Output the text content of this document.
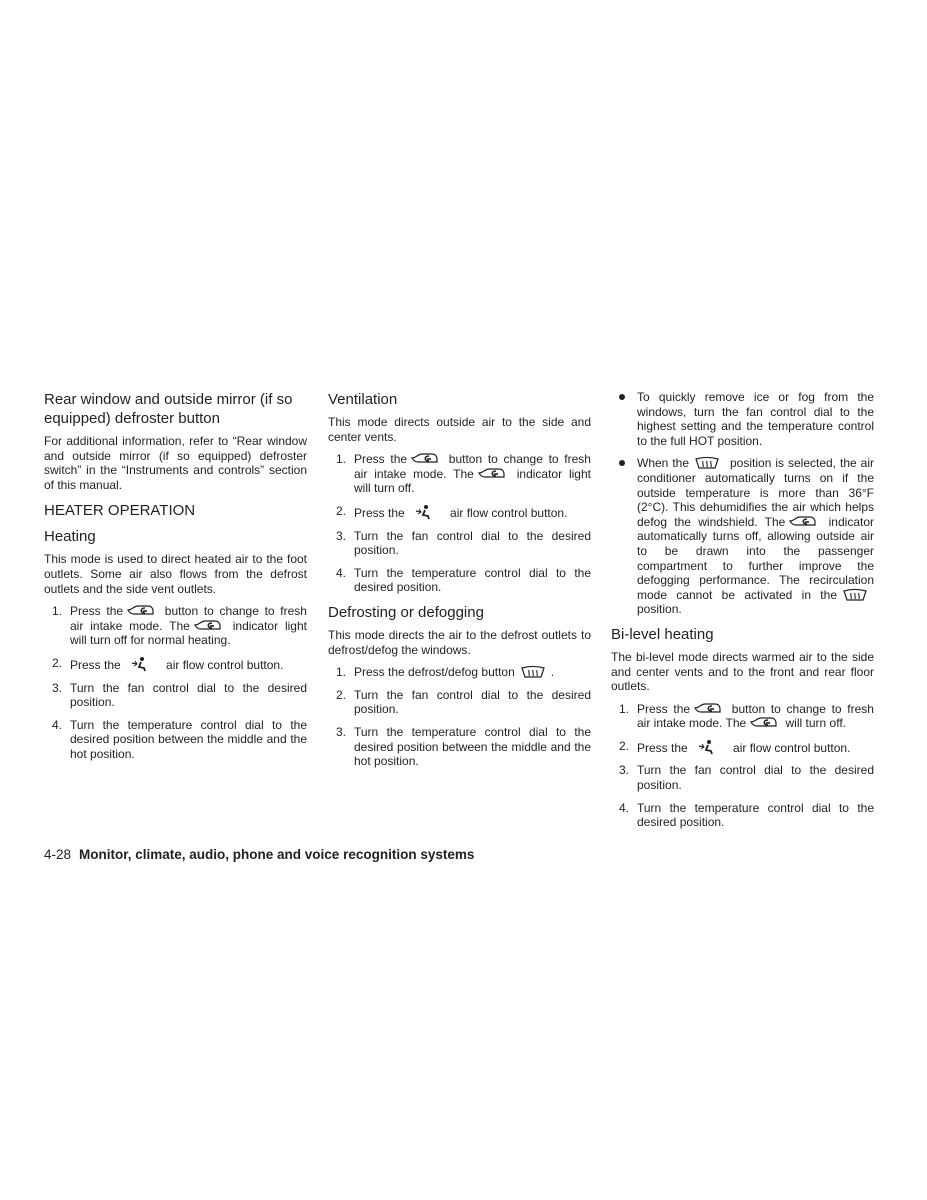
Rear window and outside mirror (if so equipped) defroster button

For additional information, refer to “Rear window and outside mirror (if so equipped) defroster switch” in the “Instruments and controls” section of this manual.

HEATER OPERATION
Heating

This mode is used to direct heated air to the foot outlets. Some air also flows from the defrost outlets and the side vent outlets.

1. Press the	button to change to fresh air intake mode. The	indicator light will turn off for normal heating.
2. Press the	air flow control button.
3. Turn the fan control dial to the desired position.
4. Turn the temperature control dial to the desired position between the middle and the hot position.
Ventilation

This mode directs outside air to the side and center vents.

1. Press the	button to change to fresh air intake mode. The	indicator light will turn off.
2. Press the	air flow control button.
3. Turn the fan control dial to the desired position.
4. Turn the temperature control dial to the desired position.
Defrosting or defogging

This mode directs the air to the defrost outlets to defrost/defog the windows.

1. Press the defrost/defog button	.
2. Turn the fan control dial to the desired position.
3. Turn the temperature control dial to the desired position between the middle and the hot position.
To quickly remove ice or fog from the windows, turn the fan control dial to the highest setting and the temperature control to the full HOT position.
When the	position is selected, the air conditioner automatically turns on if the outside temperature is more than 36°F (2°C). This dehumidifies the air which helps defog the windshield. The	indicator automatically turns off, allowing outside air to be drawn into the passenger compartment to further improve the defogging performance. The recirculation mode cannot be activated in the position.
Bi-level heating

The bi-level mode directs warmed air to the side and center vents and to the front and rear floor outlets.

1. Press the	button to change to fresh air intake mode. The	will turn off.
2. Press the	air flow control button.
3. Turn the fan control dial to the desired position.
4. Turn the temperature control dial to the desired position.
4-28 Monitor, climate, audio, phone and voice recognition systems
